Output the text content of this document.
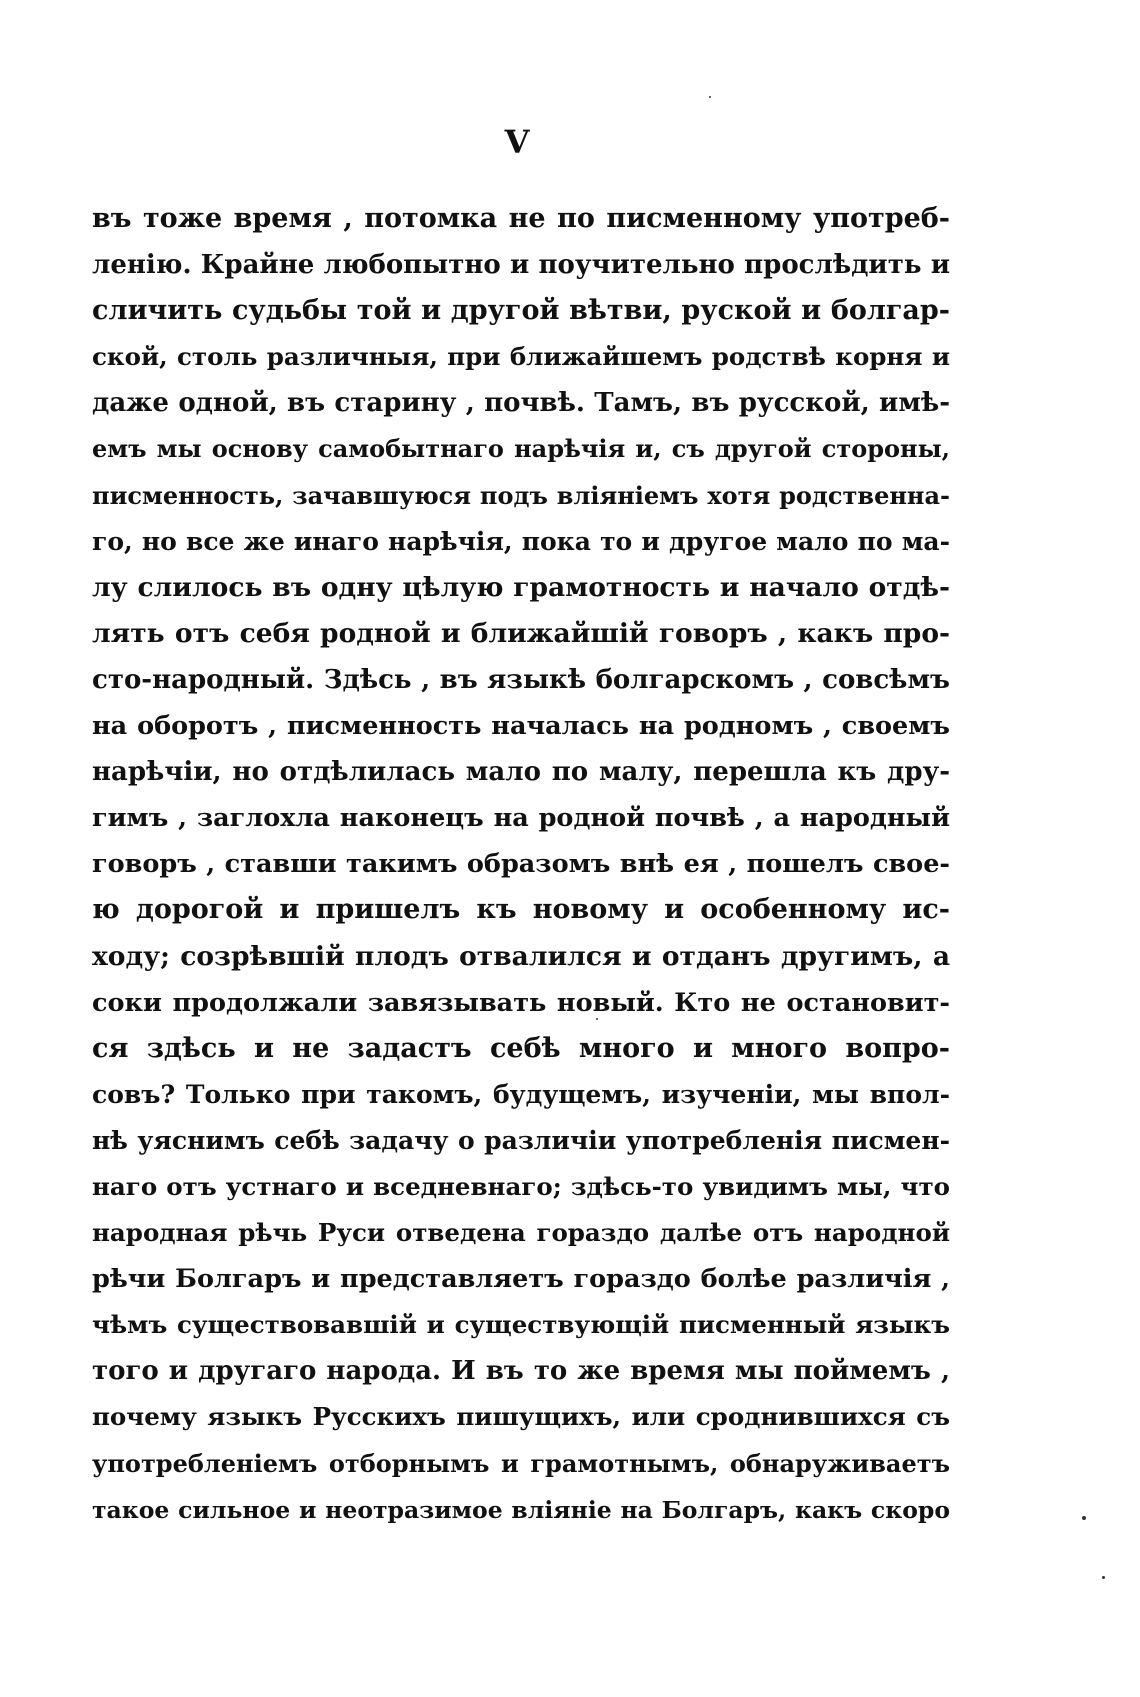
V
въ тоже время , потомка не по писменному употреб-
ленію. Крайне любопытно и поучительно прослѣдить и
сличить судьбы той и другой вѣтви, руской и болгар-
ской, столь различныя, при ближайшемъ родствѣ корня и
даже одной, въ старину , почвѣ. Тамъ, въ русской, имѣ-
емъ мы основу самобытнаго нарѣчія и, съ другой стороны,
писменность, зачавшуюся подъ вліяніемъ хотя родственна-
го, но все же инаго нарѣчія, пока то и другое мало по ма-
лу слилось въ одну цѣлую грамотность и начало отдѣ-
лять отъ себя родной и ближайшій говоръ , какъ про-
сто-народный. Здѣсь , въ языкѣ болгарскомъ , совсѣмъ
на оборотъ , писменность началась на родномъ , своемъ
нарѣчіи, но отдѣлилась мало по малу, перешла къ дру-
гимъ , заглохла наконецъ на родной почвѣ , а народный
говоръ , ставши такимъ образомъ внѣ ея , пошелъ свое-
ю дорогой и пришелъ къ новому и особенному ис-
ходу; созрѣвшій плодъ отвалился и отданъ другимъ, а
соки продолжали завязывать новый. Кто не остановит-
ся здѣсь и не задастъ себѣ много и много вопро-
совъ? Только при такомъ, будущемъ, изученіи, мы впол-
нѣ уяснимъ себѣ задачу о различіи употребленія писмен-
наго отъ устнаго и вседневнаго; здѣсь-то увидимъ мы, что
народная рѣчь Руси отведена гораздо далѣе отъ народной
рѣчи Болгаръ и представляетъ гораздо болѣе различія ,
чѣмъ существовавшій и существующій писменный языкъ
того и другаго народа. И въ то же время мы поймемъ ,
почему языкъ Руcскихъ пишущихъ, или сроднившихся съ
употребленіемъ отборнымъ и грамотнымъ, обнаруживаетъ
такое сильное и неотразимое вліяніе на Болгаръ, какъ скоро
